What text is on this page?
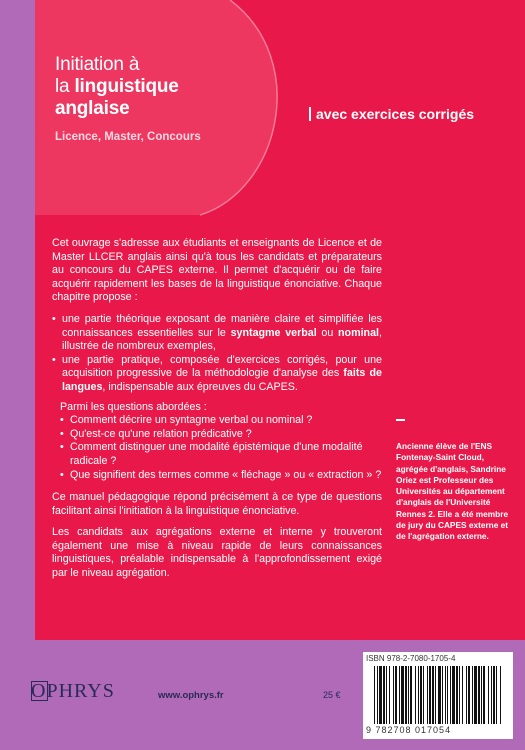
Initiation à
la linguistique
anglaise
Licence, Master, Concours
avec exercices corrigés

Cet ouvrage s'adresse aux étudiants et enseignants de Licence et de Master LLCER anglais ainsi qu'à tous les candidats et préparateurs au concours du CAPES externe. Il permet d'acquérir ou de faire acquérir rapidement les bases de la linguistique énonciative. Chaque chapitre propose :

• une partie théorique exposant de manière claire et simplifiée les connaissances essentielles sur le syntagme verbal ou nominal, illustrée de nombreux exemples,
• une partie pratique, composée d'exercices corrigés, pour une acquisition progressive de la méthodologie d'analyse des faits de langues, indispensable aux épreuves du CAPES.
Parmi les questions abordées :
• Comment décrire un syntagme verbal ou nominal ?
• Qu'est-ce qu'une relation prédicative ?
• Comment distinguer une modalité épistémique d'une modalité radicale ?
• Que signifient des termes comme « fléchage » ou « extraction » ?

Ce manuel pédagogique répond précisément à ce type de questions facilitant ainsi l'initiation à la linguistique énonciative.

Les candidats aux agrégations externe et interne y trouveront également une mise à niveau rapide de leurs connaissances linguistiques, préalable indispensable à l'approfondissement exigé par le niveau agrégation.

Ancienne élève de l'ENS Fontenay-Saint Cloud, agrégée d'anglais, Sandrine Oriez est Professeur des Universités au département d'anglais de l'Université Rennes 2. Elle a été membre de jury du CAPES externe et de l'agrégation externe.
OPHRYS	www.ophrys.fr	25 €
ISBN 978-2-7080-1705-4
9 782708 017054
